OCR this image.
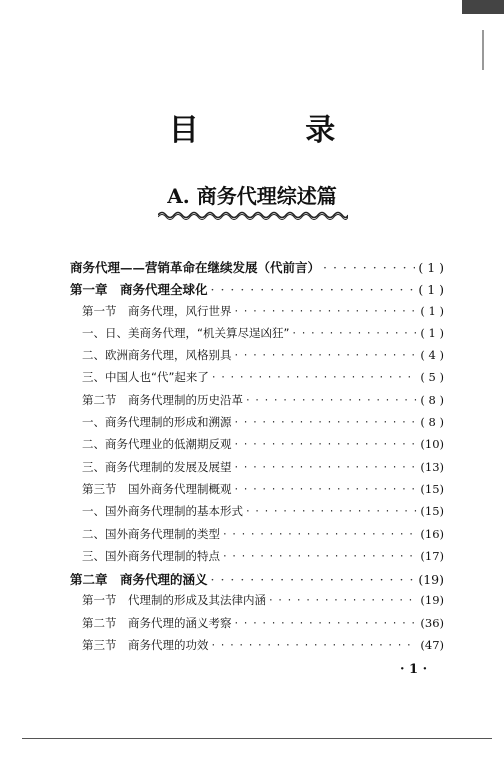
目 录
A. 商务代理综述篇
商务代理——营销革命在继续发展（代前言） · · ·	( 1 )
第一章　商务代理全球化 · · ·	( 1 )
第一节　商务代理，风行世界 · · ·	( 1 )
一、日、美商务代理，“机关算尽逞凶狂” · · ·	( 1 )
二、欧洲商务代理，风格别具 · · ·	( 4 )
三、中国人也“代”起来了 · · ·	( 5 )
第二节　商务代理制的历史沿革 · · ·	( 8 )
一、商务代理制的形成和溯源 · · ·	( 8 )
二、商务代理业的低潮期反观 · · ·	(10)
三、商务代理制的发展及展望 · · ·	(13)
第三节　国外商务代理制概观 · · ·	(15)
一、国外商务代理制的基本形式 · · ·	(15)
二、国外商务代理制的类型 · · ·	(16)
三、国外商务代理制的特点 · · ·	(17)
第二章　商务代理的涵义 · · ·	(19)
第一节　代理制的形成及其法律内涵 · · ·	(19)
第二节　商务代理的涵义考察 · · ·	(36)
第三节　商务代理的功效 · · ·	(47)
· 1 ·
